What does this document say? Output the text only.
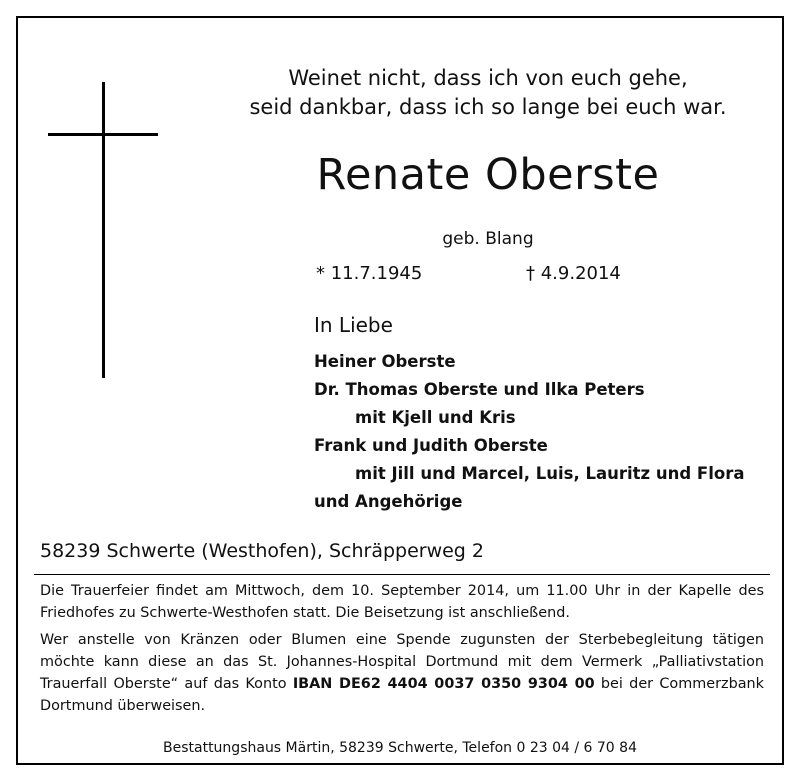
Weinet nicht, dass ich von euch gehe,
seid dankbar, dass ich so lange bei euch war.
Renate Oberste
geb. Blang
* 11.7.1945	† 4.9.2014
In Liebe
Heiner Oberste
Dr. Thomas Oberste und Ilka Peters
mit Kjell und Kris
Frank und Judith Oberste
mit Jill und Marcel, Luis, Lauritz und Flora
und Angehörige
58239 Schwerte (Westhofen), Schräpperweg 2
Die Trauerfeier findet am Mittwoch, dem 10. September 2014, um 11.00 Uhr in der Kapelle des Friedhofes zu Schwerte-Westhofen statt. Die Beisetzung ist anschließend.
Wer anstelle von Kränzen oder Blumen eine Spende zugunsten der Sterbebegleitung tätigen möchte kann diese an das St. Johannes-Hospital Dortmund mit dem Vermerk „Palliativstation Trauerfall Oberste“ auf das Konto IBAN DE62 4404 0037 0350 9304 00 bei der Commerzbank Dortmund überweisen.
Bestattungshaus Märtin, 58239 Schwerte, Telefon 0 23 04 / 6 70 84
